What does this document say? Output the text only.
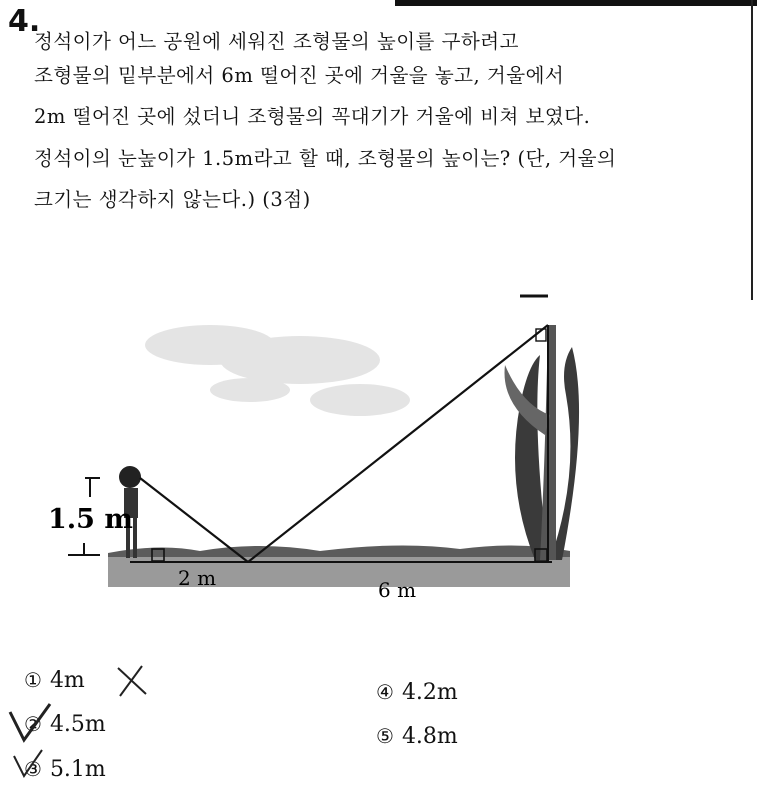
4.
정석이가 어느 공원에 세워진 조형물의 높이를 구하려고
조형물의 밑부분에서 6m 떨어진 곳에 거울을 놓고, 거울에서
2m 떨어진 곳에 섰더니 조형물의 꼭대기가 거울에 비쳐 보였다.
정석이의 눈높이가 1.5m라고 할 때, 조형물의 높이는? (단, 거울의
크기는 생각하지 않는다.) (3점)
1.5 m
2 m	6 m
① 4m
② 4.5m
③ 5.1m
④ 4.2m
⑤ 4.8m
